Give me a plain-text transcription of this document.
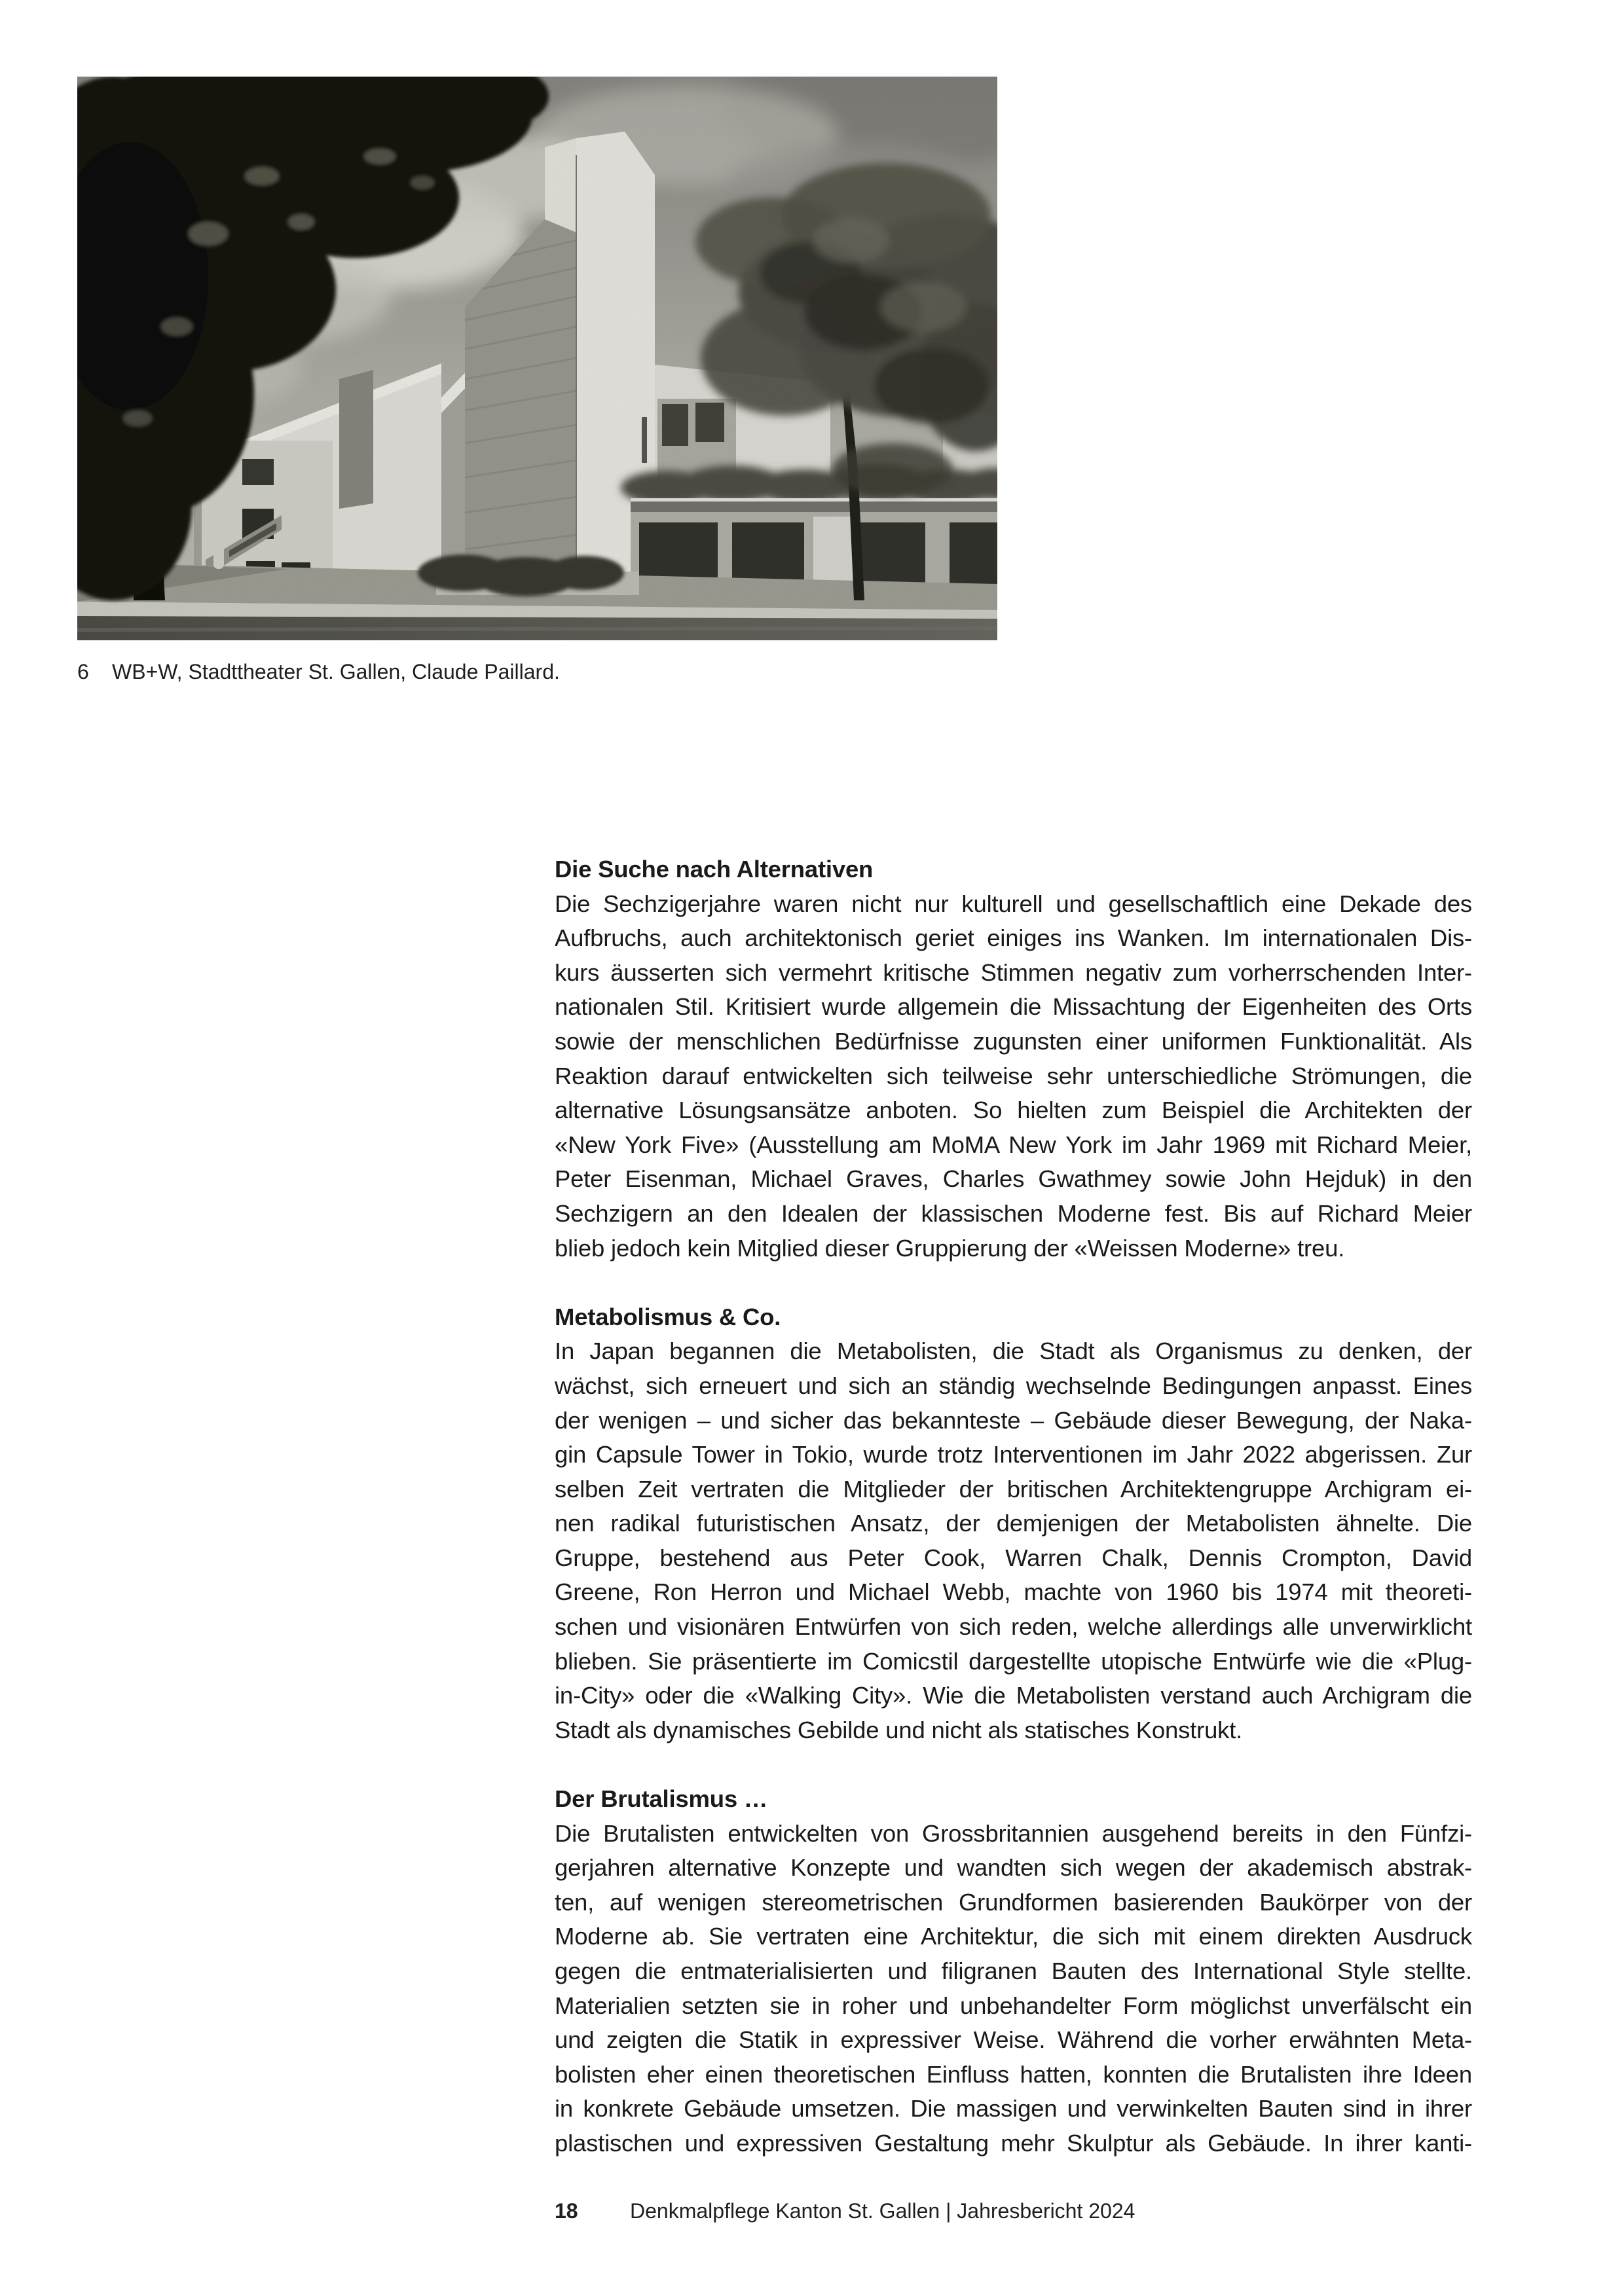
6	WB+W, Stadttheater St. Gallen, Claude Paillard.
Die Suche nach Alternativen
Die Sechzigerjahre waren nicht nur kulturell und gesellschaftlich eine Dekade des
Aufbruchs, auch architektonisch geriet einiges ins Wanken. Im internationalen Dis-
kurs äusserten sich vermehrt kritische Stimmen negativ zum vorherrschenden Inter-
nationalen Stil. Kritisiert wurde allgemein die Missachtung der Eigenheiten des Orts
sowie der menschlichen Bedürfnisse zugunsten einer uniformen Funktionalität. Als
Reaktion darauf entwickelten sich teilweise sehr unterschiedliche Strömungen, die
alternative Lösungsansätze anboten. So hielten zum Beispiel die Architekten der
«New York Five» (Ausstellung am MoMA New York im Jahr 1969 mit Richard Meier,
Peter Eisenman, Michael Graves, Charles Gwathmey sowie John Hejduk) in den
Sechzigern an den Idealen der klassischen Moderne fest. Bis auf Richard Meier
blieb jedoch kein Mitglied dieser Gruppierung der «Weissen Moderne» treu.
Metabolismus & Co.
In Japan begannen die Metabolisten, die Stadt als Organismus zu denken, der
wächst, sich erneuert und sich an ständig wechselnde Bedingungen anpasst. Eines
der wenigen – und sicher das bekannteste – Gebäude dieser Bewegung, der Naka-
gin Capsule Tower in Tokio, wurde trotz Interventionen im Jahr 2022 abgerissen. Zur
selben Zeit vertraten die Mitglieder der britischen Architektengruppe Archigram ei-
nen radikal futuristischen Ansatz, der demjenigen der Metabolisten ähnelte. Die
Gruppe, bestehend aus Peter Cook, Warren Chalk, Dennis Crompton, David
Greene, Ron Herron und Michael Webb, machte von 1960 bis 1974 mit theoreti-
schen und visionären Entwürfen von sich reden, welche allerdings alle unverwirklicht
blieben. Sie präsentierte im Comicstil dargestellte utopische Entwürfe wie die «Plug-
in-City» oder die «Walking City». Wie die Metabolisten verstand auch Archigram die
Stadt als dynamisches Gebilde und nicht als statisches Konstrukt.
Der Brutalismus …
Die Brutalisten entwickelten von Grossbritannien ausgehend bereits in den Fünfzi-
gerjahren alternative Konzepte und wandten sich wegen der akademisch abstrak-
ten, auf wenigen stereometrischen Grundformen basierenden Baukörper von der
Moderne ab. Sie vertraten eine Architektur, die sich mit einem direkten Ausdruck
gegen die entmaterialisierten und filigranen Bauten des International Style stellte.
Materialien setzten sie in roher und unbehandelter Form möglichst unverfälscht ein
und zeigten die Statik in expressiver Weise. Während die vorher erwähnten Meta-
bolisten eher einen theoretischen Einfluss hatten, konnten die Brutalisten ihre Ideen
in konkrete Gebäude umsetzen. Die massigen und verwinkelten Bauten sind in ihrer
plastischen und expressiven Gestaltung mehr Skulptur als Gebäude. In ihrer kanti-
18	Denkmalpflege Kanton St. Gallen | Jahresbericht 2024
